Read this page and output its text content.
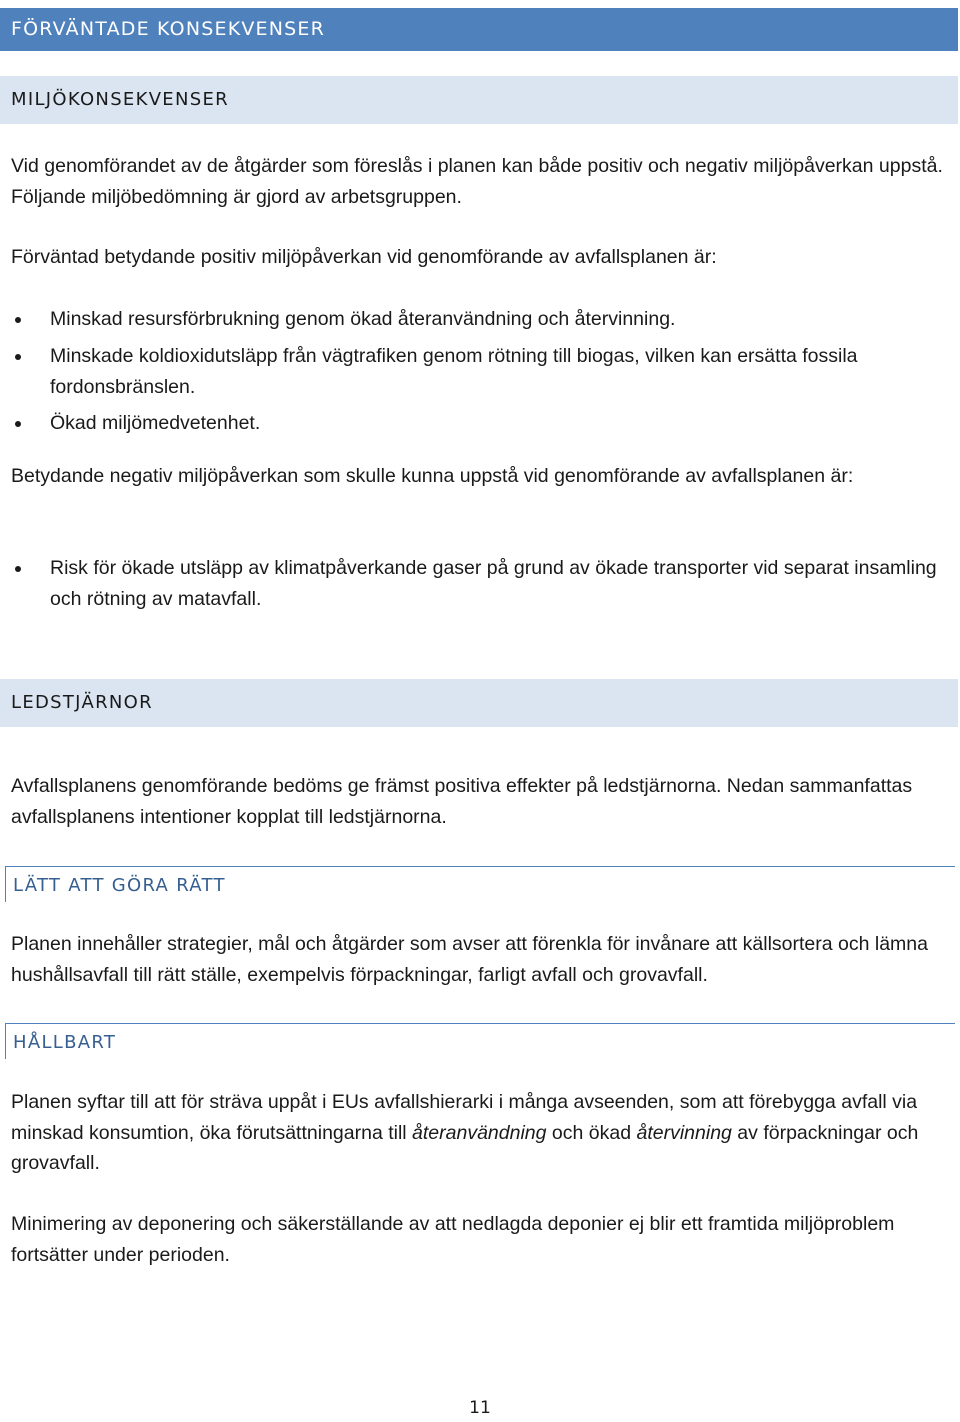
FÖRVÄNTADE KONSEKVENSER
MILJÖKONSEKVENSER

Vid genomförandet av de åtgärder som föreslås i planen kan både positiv och negativ miljöpåverkan uppstå. Följande miljöbedömning är gjord av arbetsgruppen.

Förväntad betydande positiv miljöpåverkan vid genomförande av avfallsplanen är:

Minskad resursförbrukning genom ökad återanvändning och återvinning.
Minskade koldioxidutsläpp från vägtrafiken genom rötning till biogas, vilken kan ersätta fossila fordonsbränslen.
Ökad miljömedvetenhet.

Betydande negativ miljöpåverkan som skulle kunna uppstå vid genomförande av avfallsplanen är:

Risk för ökade utsläpp av klimatpåverkande gaser på grund av ökade transporter vid separat insamling och rötning av matavfall.
LEDSTJÄRNOR

Avfallsplanens genomförande bedöms ge främst positiva effekter på ledstjärnorna. Nedan sammanfattas avfallsplanens intentioner kopplat till ledstjärnorna.

LÄTT ATT GÖRA RÄTT

Planen innehåller strategier, mål och åtgärder som avser att förenkla för invånare att källsortera och lämna hushållsavfall till rätt ställe, exempelvis förpackningar, farligt avfall och grovavfall.

HÅLLBART

Planen syftar till att för sträva uppåt i EUs avfallshierarki i många avseenden, som att förebygga avfall via minskad konsumtion, öka förutsättningarna till återanvändning och ökad återvinning av förpackningar och grovavfall.

Minimering av deponering och säkerställande av att nedlagda deponier ej blir ett framtida miljöproblem fortsätter under perioden.

11
